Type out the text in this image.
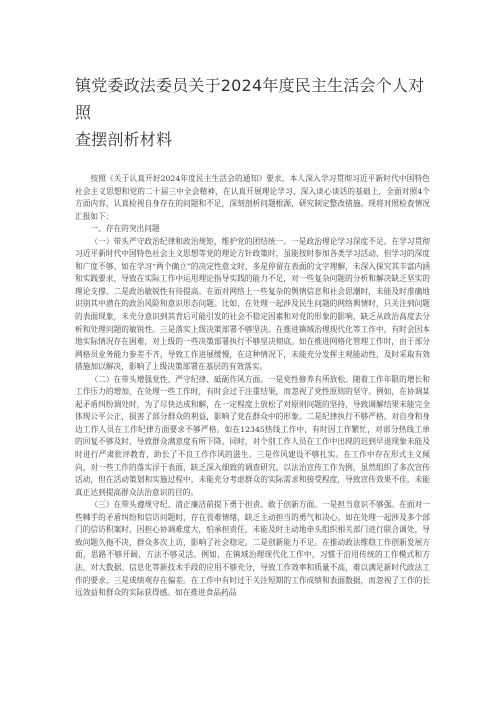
镇党委政法委员关于2024年度民主生活会个人对照
查摆剖析材料

按照《关于认真开好2024年度民主生活会的通知》要求，本人深入学习贯彻习近平新时代中国特色社会主义思想和党的二十届三中全会精神，在认真开展理论学习、深入谈心谈话的基础上，全面对照4个方面内容，认真检视自身存在的问题和不足，深刻剖析问题根源，研究制定整改措施。现将对照检查情况汇报如下：

一、存在的突出问题

（一）带头严守政治纪律和政治规矩，维护党的团结统一。一是政治理论学习深度不足。在学习贯彻习近平新时代中国特色社会主义思想等党的理论方针政策时，虽能按时参加各类学习活动，但学习的深度和广度不够。如在学习“两个确立”的决定性意文时，多是停留在表面的文字理解，未深入探究其丰富内涵和实践要求，导致在实际工作中运用理论指导实践的能力不足，对一些复杂问题的分析和解决缺乏坚实的理论支撑。二是政治敏锐性有待提高。在面对网络上一些复杂的舆情信息和社会思潮时，未能及时准确地识别其中潜在的政治风险和意识形态问题。比如，在处理一起涉及民生问题的网络舆情时，只关注到问题的表面现象，未充分意识到其背后可能引发的社会不稳定因素和对党的形象的影响，缺乏从政治高度去分析和处理问题的敏锐性。三是落实上级决策部署不够坚决。在推进镇域治理现代化等工作中，有时会因本地实际情况存在困难，对上级的一些决策部署执行不够坚决彻底。如在推进网格化管理工作时，由于部分网格员业务能力参差不齐，导致工作进展缓慢，在这种情况下，未能充分发挥主观能动性，及时采取有效措施加以解决，影响了上级决策部署在基层的有效落实。

（二）在带头增强党性、严守纪律、砥砺作风方面。一是党性修养有所放松。随着工作年限的增长和工作压力的增加，在处理一些工作时，有时会过于注重结果，而忽视了党性原则的坚守。例如，在协调某起矛盾纠纷调处时，为了尽快达成和解，在一定程度上放松了对原则问题的坚持，导致调解结果未能完全体现公平公正，损害了部分群众的利益，影响了党在群众中的形象。二是纪律执行不够严格。对自身和身边工作人员在工作纪律方面要求不够严格。如在12345热线工作中，有时因工作繁忙，对部分热线工单的回复不够及时，导致群众满意度有所下降。同时，对个别工作人员在工作中出现的迟到早退现象未能及时进行严肃批评教育，助长了不良工作作风的滋生。三是作风建设不够扎实。在工作中存在形式主义倾向，对一些工作的落实浮于表面，缺乏深入细致的调查研究。以法治宣传工作为例，虽然组织了多次宣传活动，但在活动策划和实施过程中，未能充分考虑群众的实际需求和接受程度，导致宣传效果不佳，未能真正达到提高群众法治意识的目的。

（三）在带头遵规守纪、清正廉洁前提下勇于担责、敢于创新方面。一是担当意识不够强。在面对一些棘手的矛盾纠纷和信访问题时，存在畏难情绪，缺乏主动担当的勇气和决心。如在处理一起涉及多个部门的信访积案时，因担心协调难度大，怕承担责任，未能及时主动地牵头组织相关部门进行联合调处，导致问题久拖不决，群众多次上访，影响了社会稳定。二是创新能力不足。在推动政法维稳工作创新发展方面，思路不够开阔，方法不够灵活。例如，在镇域治理现代化工作中，习惯于沿用传统的工作模式和方法，对大数据、信息化等新技术手段的应用不够充分，导致工作效率和质量不高，难以满足新时代政法工作的要求。三是成绩观存在偏差。在工作中有时过于关注短期的工作成绩和表面数据，而忽视了工作的长远效益和群众的实际获得感。如在推进食品药品
